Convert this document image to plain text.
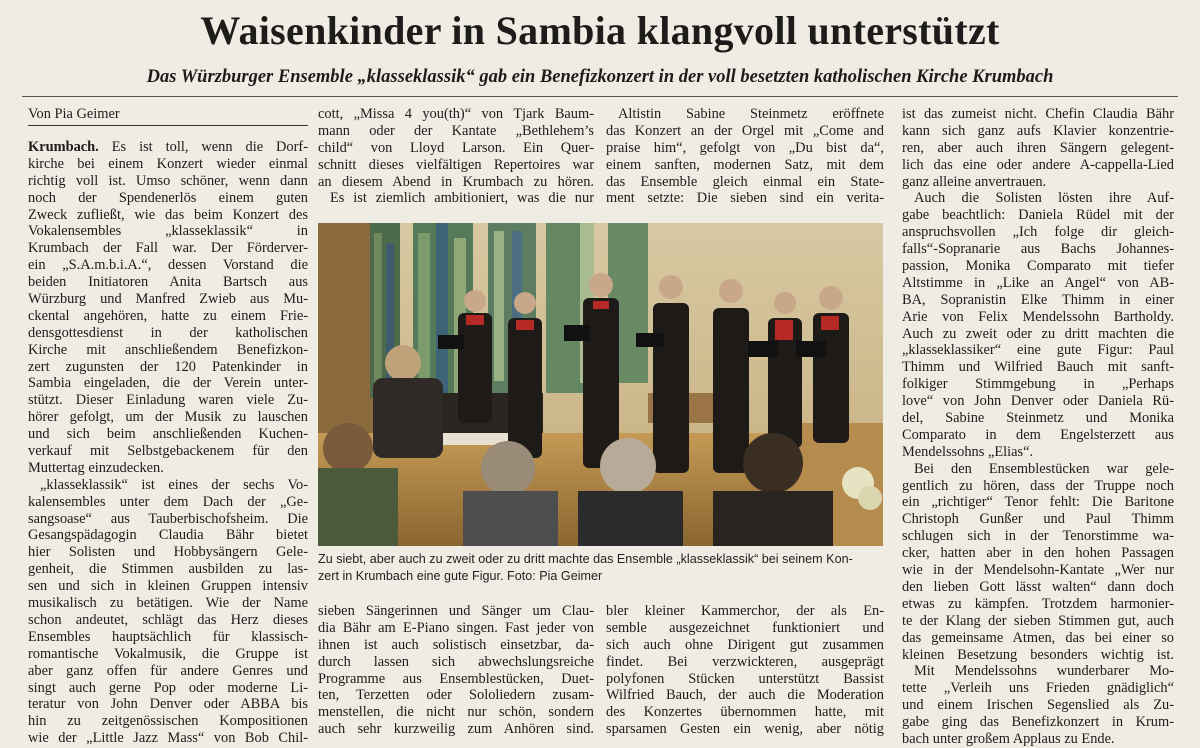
Waisenkinder in Sambia klangvoll unterstützt
Das Würzburger Ensemble „klasseklassik“ gab ein Benefizkonzert in der voll besetzten katholischen Kirche Krumbach
Von Pia Geimer
Krumbach. Es ist toll, wenn die Dorf-
kirche bei einem Konzert wieder einmal
richtig voll ist. Umso schöner, wenn dann
noch der Spendenerlös einem guten
Zweck zufließt, wie das beim Konzert des
Vokalensembles „klasseklassik“ in
Krumbach der Fall war. Der Förderver-
ein „S.A.m.b.i.A.“, dessen Vorstand die
beiden Initiatoren Anita Bartsch aus
Würzburg und Manfred Zwieb aus Mu-
ckental angehören, hatte zu einem Frie-
densgottesdienst in der katholischen
Kirche mit anschließendem Benefizkon-
zert zugunsten der 120 Patenkinder in
Sambia eingeladen, die der Verein unter-
stützt. Dieser Einladung waren viele Zu-
hörer gefolgt, um der Musik zu lauschen
und sich beim anschließenden Kuchen-
verkauf mit Selbstgebackenem für den
Muttertag einzudecken.
„klasseklassik“ ist eines der sechs Vo-
kalensembles unter dem Dach der „Ge-
sangsoase“ aus Tauberbischofsheim. Die
Gesangspädagogin Claudia Bähr bietet
hier Solisten und Hobbysängern Gele-
genheit, die Stimmen ausbilden zu las-
sen und sich in kleinen Gruppen intensiv
musikalisch zu betätigen. Wie der Name
schon andeutet, schlägt das Herz dieses
Ensembles hauptsächlich für klassisch-
romantische Vokalmusik, die Gruppe ist
aber ganz offen für andere Genres und
singt auch gerne Pop oder moderne Li-
teratur von John Denver oder ABBA bis
hin zu zeitgenössischen Kompositionen
wie der „Little Jazz Mass“ von Bob Chil-
cott, „Missa 4 you(th)“ von Tjark Baum-
mann oder der Kantate „Bethlehem’s
child“ von Lloyd Larson. Ein Quer-
schnitt dieses vielfältigen Repertoires war
an diesem Abend in Krumbach zu hören.
Es ist ziemlich ambitioniert, was die nur
Altistin Sabine Steinmetz eröffnete
das Konzert an der Orgel mit „Come and
praise him“, gefolgt von „Du bist da“,
einem sanften, modernen Satz, mit dem
das Ensemble gleich einmal ein State-
ment setzte: Die sieben sind ein verita-
ist das zumeist nicht. Chefin Claudia Bähr
kann sich ganz aufs Klavier konzentrie-
ren, aber auch ihren Sängern gelegent-
lich das eine oder andere A-cappella-Lied
ganz alleine anvertrauen.
Auch die Solisten lösten ihre Auf-
gabe beachtlich: Daniela Rüdel mit der
anspruchsvollen „Ich folge dir gleich-
falls“-Sopranarie aus Bachs Johannes-
passion, Monika Comparato mit tiefer
Altstimme in „Like an Angel“ von AB-
BA, Sopranistin Elke Thimm in einer
Arie von Felix Mendelssohn Bartholdy.
Auch zu zweit oder zu dritt machten die
„klasseklassiker“ eine gute Figur: Paul
Thimm und Wilfried Bauch mit sanft-
folkiger Stimmgebung in „Perhaps
love“ von John Denver oder Daniela Rü-
del, Sabine Steinmetz und Monika
Comparato in dem Engelsterzett aus
Mendelssohns „Elias“.
Bei den Ensemblestücken war gele-
gentlich zu hören, dass der Truppe noch
ein „richtiger“ Tenor fehlt: Die Baritone
Christoph Gunßer und Paul Thimm
schlugen sich in der Tenorstimme wa-
cker, hatten aber in den hohen Passagen
wie in der Mendelsohn-Kantate „Wer nur
den lieben Gott lässt walten“ dann doch
etwas zu kämpfen. Trotzdem harmonier-
te der Klang der sieben Stimmen gut, auch
das gemeinsame Atmen, das bei einer so
kleinen Besetzung besonders wichtig ist.
Mit Mendelssohns wunderbarer Mo-
tette „Verleih uns Frieden gnädiglich“
und einem Irischen Segenslied als Zu-
gabe ging das Benefizkonzert in Krum-
bach unter großem Applaus zu Ende.
sieben Sängerinnen und Sänger um Clau-
dia Bähr am E-Piano singen. Fast jeder von
ihnen ist auch solistisch einsetzbar, da-
durch lassen sich abwechslungsreiche
Programme aus Ensemblestücken, Duet-
ten, Terzetten oder Sololiedern zusam-
menstellen, die nicht nur schön, sondern
auch sehr kurzweilig zum Anhören sind.
bler kleiner Kammerchor, der als En-
semble ausgezeichnet funktioniert und
sich auch ohne Dirigent gut zusammen
findet. Bei verzwickteren, ausgeprägt
polyfonen Stücken unterstützt Bassist
Wilfried Bauch, der auch die Moderation
des Konzertes übernommen hatte, mit
sparsamen Gesten ein wenig, aber nötig
Zu siebt, aber auch zu zweit oder zu dritt machte das Ensemble „klasseklassik“ bei seinem Kon-
zert in Krumbach eine gute Figur. Foto: Pia Geimer
